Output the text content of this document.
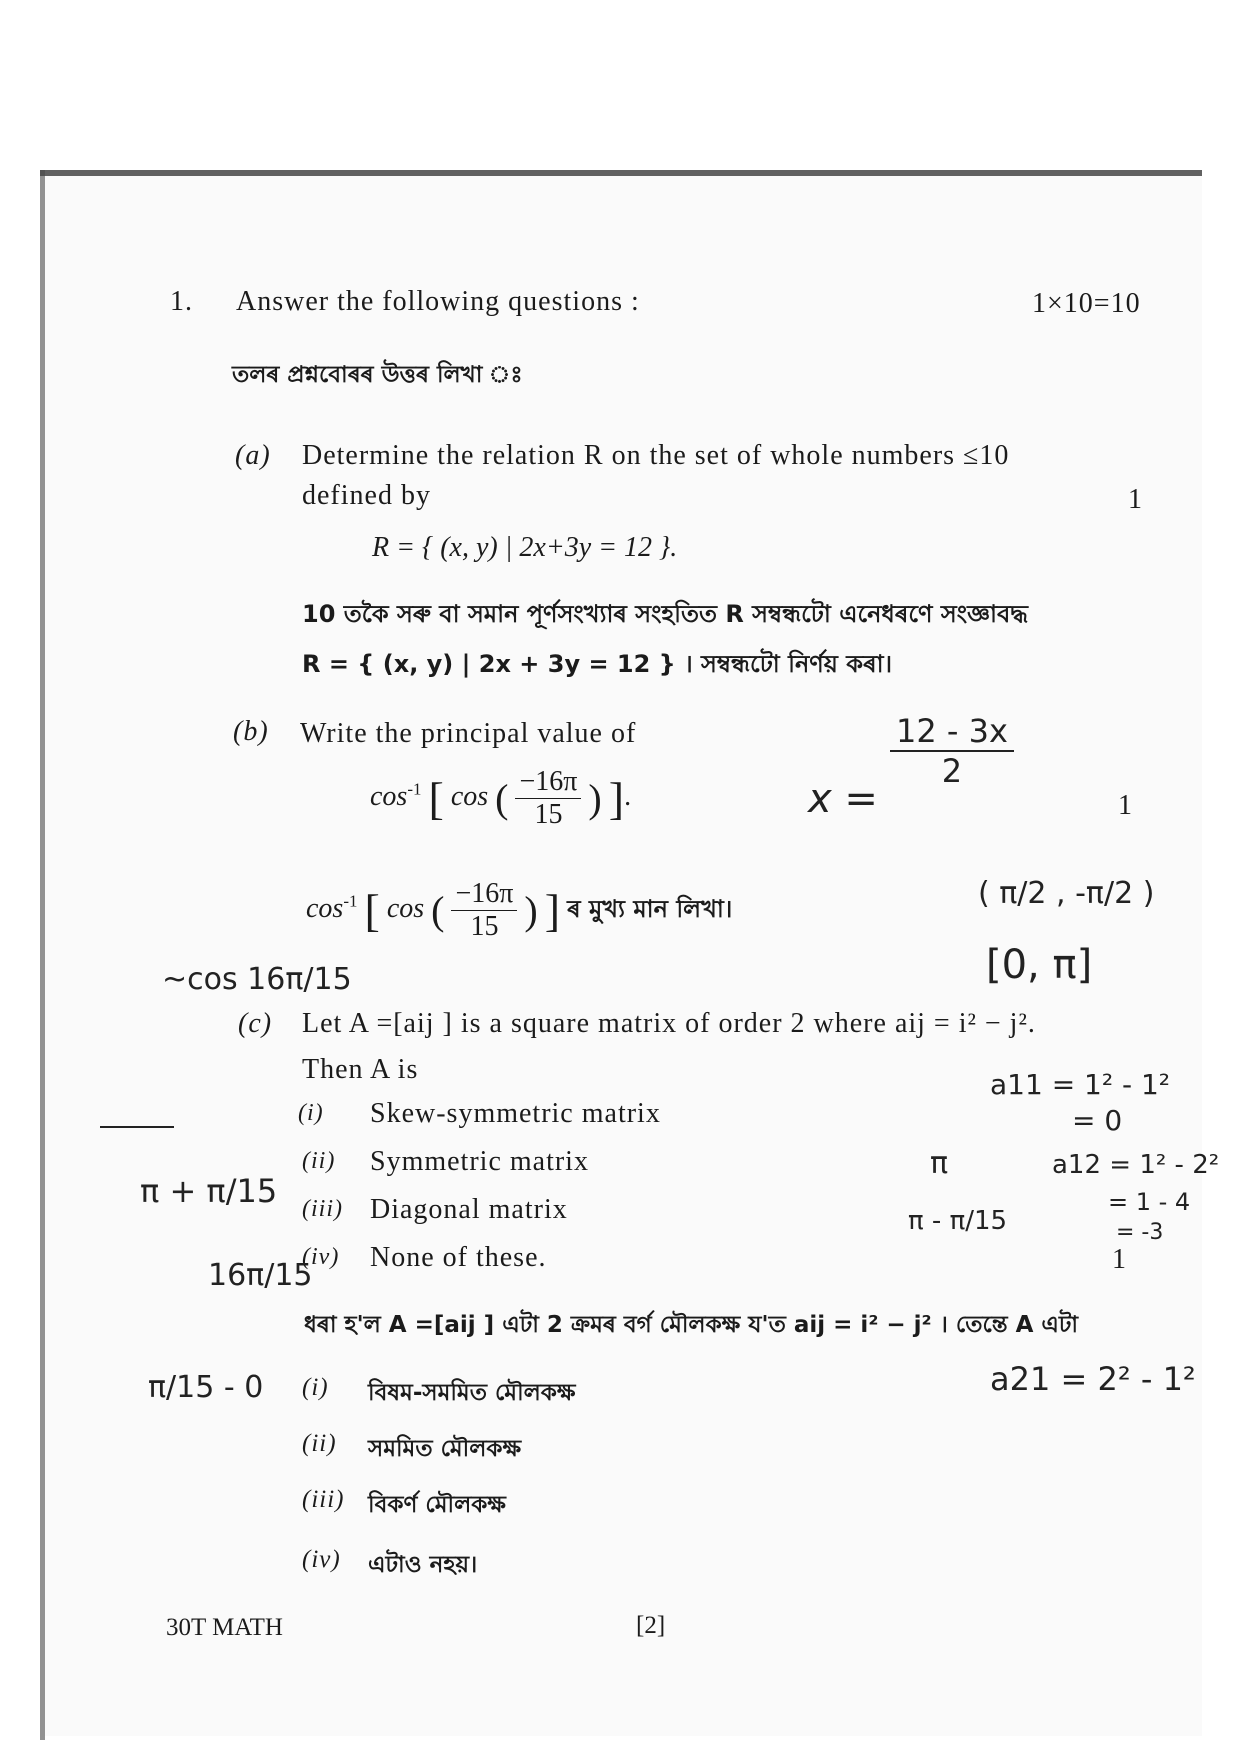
1. Answer the following questions :	1×10=10
তলৰ প্ৰশ্নবোৰৰ উত্তৰ লিখা ঃ
(a) Determine the relation R on the set of whole numbers ≤10
defined by	1
R = { (x, y) | 2x+3y = 12 }.
10 তকৈ সৰু বা সমান পূৰ্ণসংখ্যাৰ সংহতিত R সম্বন্ধটো এনেধৰণে সংজ্ঞাবদ্ধ
R = { (x, y) | 2x + 3y = 12 } । সম্বন্ধটো নিৰ্ণয় কৰা।
(b) Write the principal value of
$\cos^{-1}$ [ cos ( $\frac{-16\pi}{15}$ ) ].	1
$\cos^{-1}$ [ cos ( $\frac{-16\pi}{15}$ ) ] ৰ মুখ্য মান লিখা।
(c) Let A =[aij ] is a square matrix of order 2 where aij = i² − j².
Then A is
(i) Skew-symmetric matrix
(ii) Symmetric matrix
(iii) Diagonal matrix
(iv) None of these.	1
ধৰা হ'ল A =[aij ] এটা 2 ক্ৰমৰ বৰ্গ মৌলকক্ষ য'ত aij = i² − j² । তেন্তে A এটা
(i) বিষম-সমমিত মৌলকক্ষ
(ii) সমমিত মৌলকক্ষ
(iii) বিকৰ্ণ মৌলকক্ষ
(iv) এটাও নহয়।
30T MATH	[2]
x =
$\frac{12 - 3x}{2}$
( π/2 , -π/2 )
[0, π]
~cos 16π/15
π + π/15
16π/15
π/15 - 0
a11 = 1² - 1²
= 0
a12 = 1² - 2²
= 1 - 4
= -3
π
π - π/15
a21 = 2² - 1²
